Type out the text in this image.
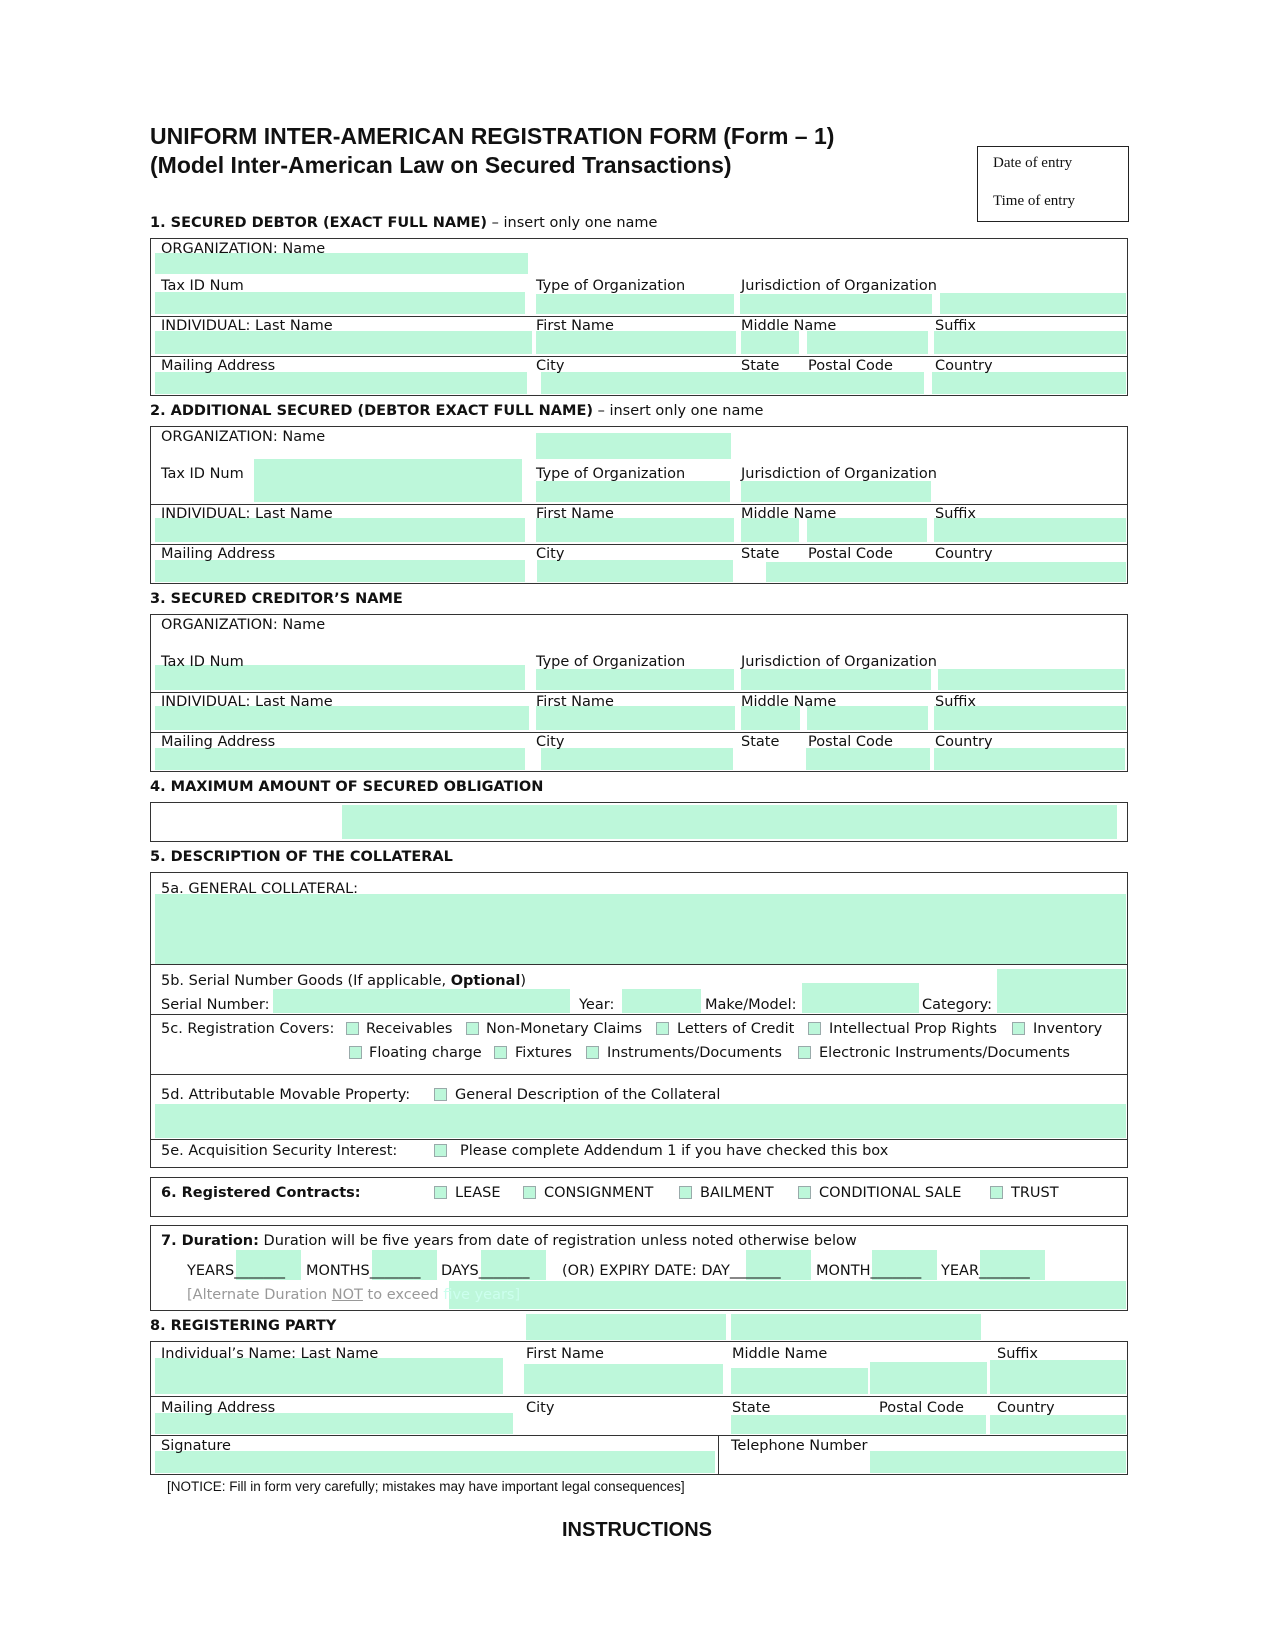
UNIFORM INTER-AMERICAN REGISTRATION FORM (Form – 1)
(Model Inter-American Law on Secured Transactions)	Date of entry
Time of entry
1. SECURED DEBTOR (EXACT FULL NAME) – insert only one name
ORGANIZATION: Name
Tax ID Num	Type of Organization	Jurisdiction of Organization
INDIVIDUAL: Last Name	First Name	Middle Name	Suffix
Mailing Address	City	State Postal Code	Country
2. ADDITIONAL SECURED (DEBTOR EXACT FULL NAME) – insert only one name
ORGANIZATION: Name
Tax ID Num	Type of Organization	Jurisdiction of Organization
INDIVIDUAL: Last Name	First Name	Middle Name	Suffix
Mailing Address	City	State Postal Code	Country
3. SECURED CREDITOR’S NAME
ORGANIZATION: Name
Tax ID Num	Type of Organization	Jurisdiction of Organization
INDIVIDUAL: Last Name	First Name	Middle Name	Suffix
Mailing Address	City	State Postal Code	Country
4. MAXIMUM AMOUNT OF SECURED OBLIGATION
5. DESCRIPTION OF THE COLLATERAL
5a. GENERAL COLLATERAL:
5b. Serial Number Goods (If applicable, Optional)
Serial Number:	Year:	Make/Model:	Category:
5c. Registration Covers: Receivables Non-Monetary Claims Letters of Credit Intellectual Prop Rights Inventory
Floating charge Fixtures Instruments/Documents	Electronic Instruments/Documents
5d. Attributable Movable Property:	General Description of the Collateral
5e. Acquisition Security Interest:	Please complete Addendum 1 if you have checked this box
6. Registered Contracts:	LEASE	CONSIGNMENT	BAILMENT	CONDITIONAL SALE	TRUST
7. Duration: Duration will be five years from date of registration unless noted otherwise below
YEARS_______ MONTHS_______ DAYS_______ (OR) EXPIRY DATE: DAY_______ MONTH_______ YEAR_______
[Alternate Duration NOT to exceed five years]
8. REGISTERING PARTY
Individual’s Name: Last Name	First Name	Middle Name	Suffix
Mailing Address	City	State	Postal Code Country
Signature	Telephone Number
[NOTICE: Fill in form very carefully; mistakes may have important legal consequences]
INSTRUCTIONS
